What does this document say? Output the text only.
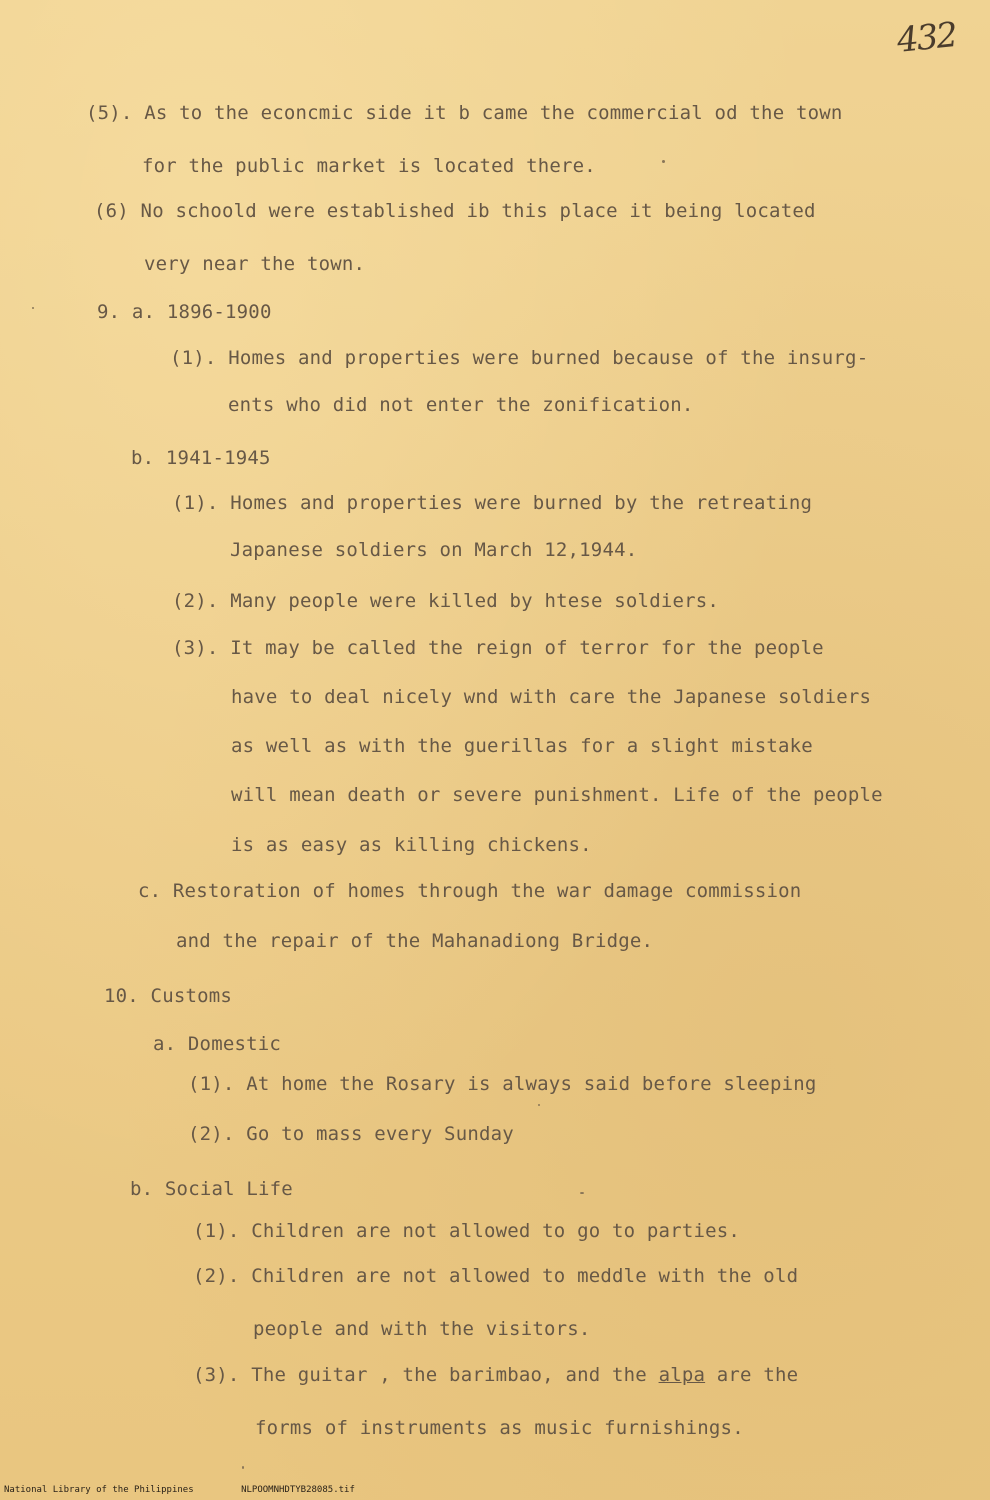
432
(5). As to the econcmic side it b came the commercial od the town
for the public market is located there.
(6) No schoold were established ib this place it being located
very near the town.
9. a. 1896-1900
(1). Homes and properties were burned because of the insurg-
ents who did not enter the zonification.
b. 1941-1945
(1). Homes and properties were burned by the retreating
Japanese soldiers on March 12,1944.
(2). Many people were killed by htese soldiers.
(3). It may be called the reign of terror for the people
have to deal nicely wnd with care the Japanese soldiers
as well as with the guerillas for a slight mistake
will mean death or severe punishment. Life of the people
is as easy as killing chickens.
c. Restoration of homes through the war damage commission
and the repair of the Mahanadiong Bridge.
10. Customs
a. Domestic
(1). At home the Rosary is always said before sleeping
(2). Go to mass every Sunday
b. Social Life
(1). Children are not allowed to go to parties.
(2). Children are not allowed to meddle with the old
people and with the visitors.
(3). The guitar , the barimbao, and the alpa are the
forms of instruments as music furnishings.
National Library of the Philippines	NLPOOMNHDTYB28085.tif
